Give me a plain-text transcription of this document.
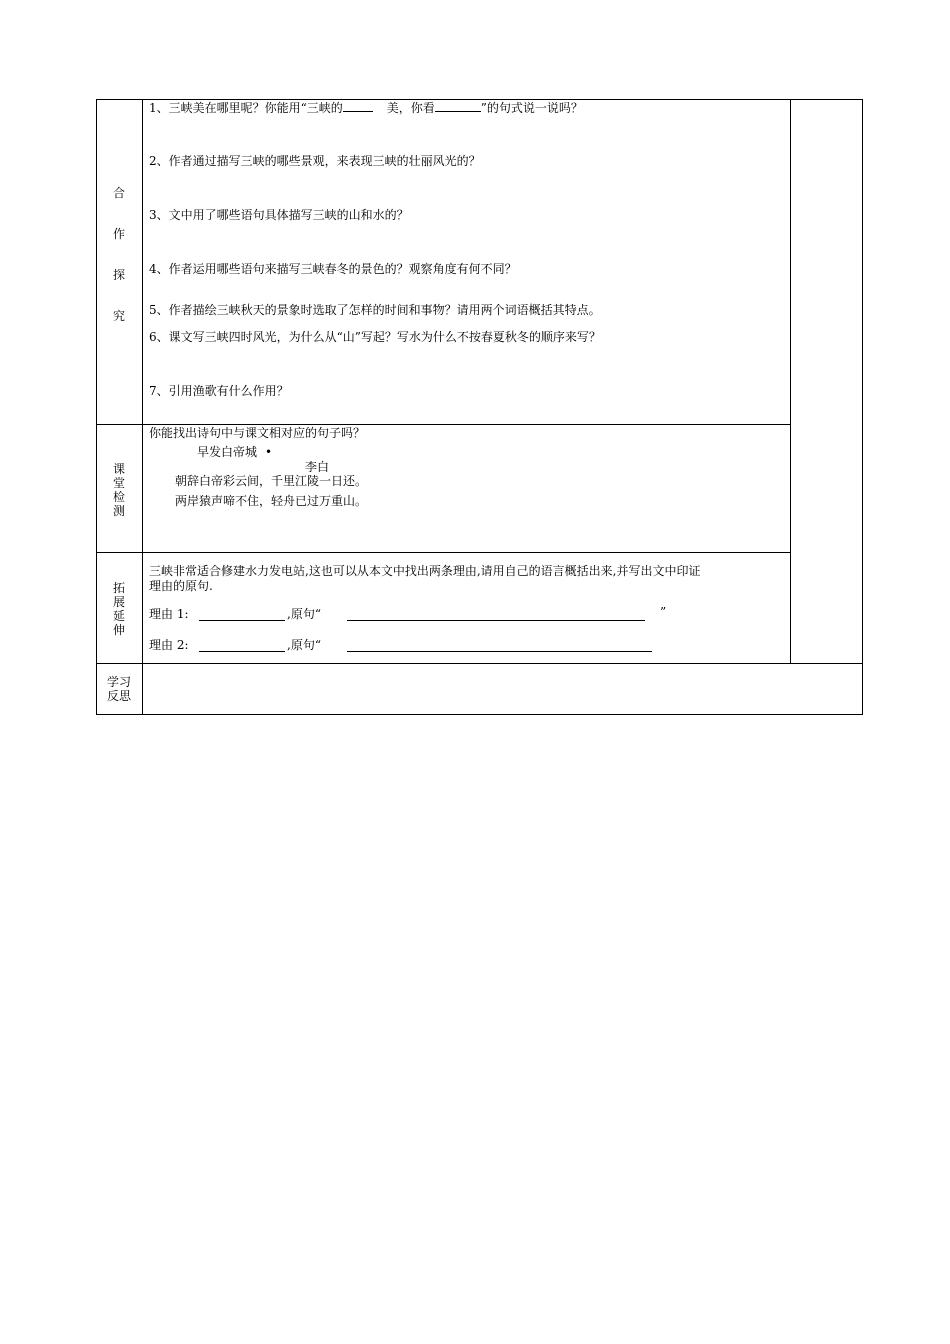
合
作
探
究
1、三峡美在哪里呢？你能用“三峡的	美，你看	”的句式说一说吗？
2、作者通过描写三峡的哪些景观，来表现三峡的壮丽风光的？
3、文中用了哪些语句具体描写三峡的山和水的？
4、作者运用哪些语句来描写三峡春冬的景色的？观察角度有何不同？
5、作者描绘三峡秋天的景象时选取了怎样的时间和事物？请用两个词语概括其特点。
6、课文写三峡四时风光，为什么从“山”写起？写水为什么不按春夏秋冬的顺序来写？
7、引用渔歌有什么作用？
课
堂
检
测
你能找出诗句中与课文相对应的句子吗？
早发白帝城 •
李白
朝辞白帝彩云间，千里江陵一日还。
两岸猿声啼不住，轻舟已过万重山。
拓
展
延
伸
三峡非常适合修建水力发电站,这也可以从本文中找出两条理由,请用自己的语言概括出来,并写出文中印证
理由的原句.
理由 1:	,原句“	”
理由 2:	,原句“
学习
反思
